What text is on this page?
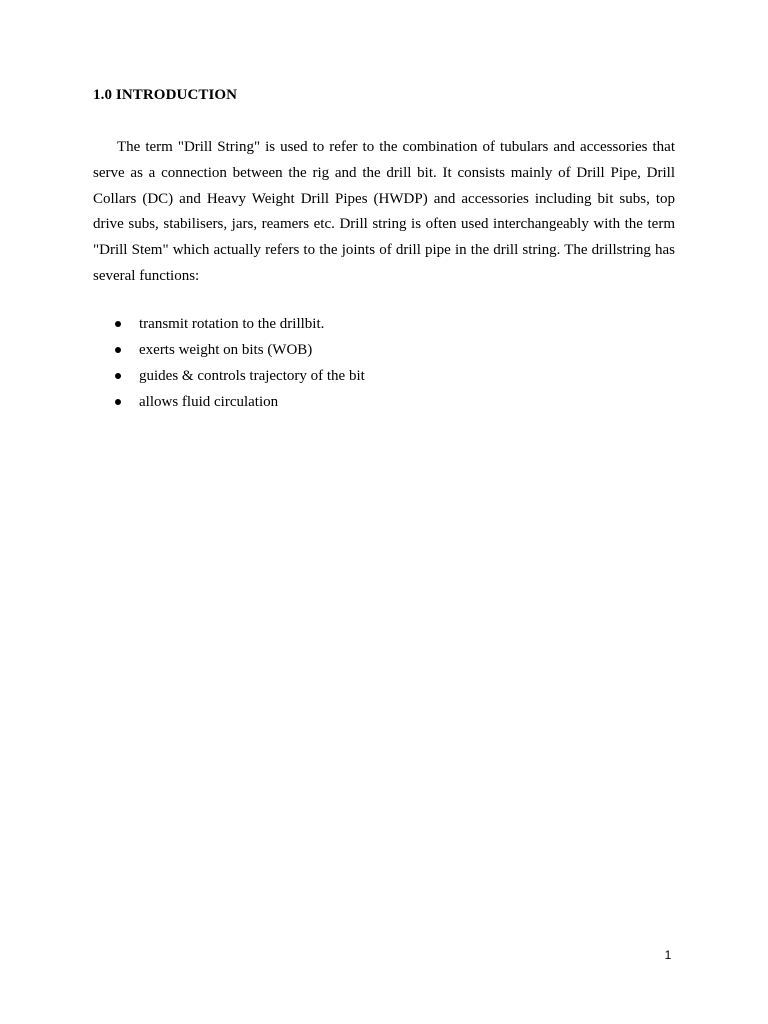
1.0 INTRODUCTION

The term "Drill String" is used to refer to the combination of tubulars and accessories that serve as a connection between the rig and the drill bit. It consists mainly of Drill Pipe, Drill Collars (DC) and Heavy Weight Drill Pipes (HWDP) and accessories including bit subs, top drive subs, stabilisers, jars, reamers etc. Drill string is often used interchangeably with the term "Drill Stem" which actually refers to the joints of drill pipe in the drill string. The drillstring has several functions:

transmit rotation to the drillbit.
exerts weight on bits (WOB)
guides & controls trajectory of the bit
allows fluid circulation
1
